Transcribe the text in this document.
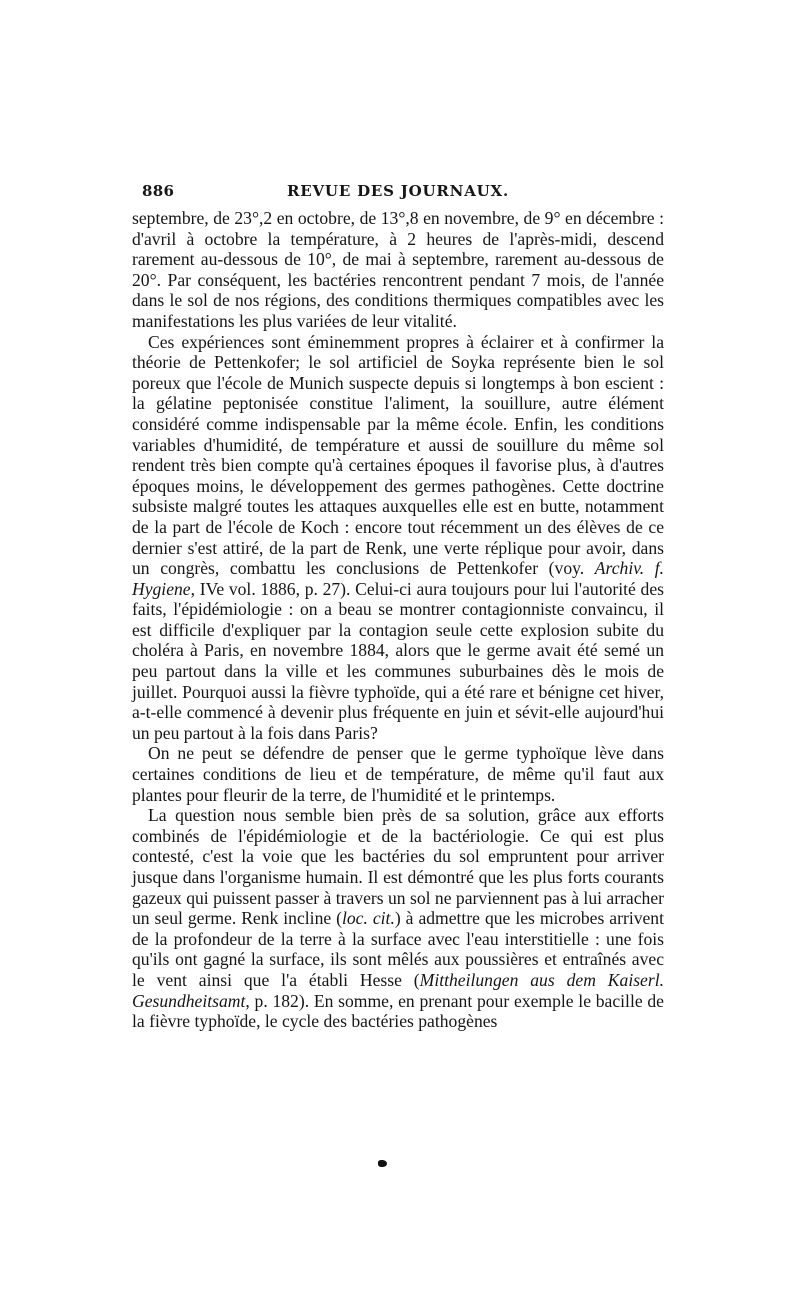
886	REVUE DES JOURNAUX.

septembre, de 23°,2 en octobre, de 13°,8 en novembre, de 9° en décembre : d'avril à octobre la température, à 2 heures de l'après-midi, descend rarement au-dessous de 10°, de mai à septembre, rarement au-dessous de 20°. Par conséquent, les bactéries rencontrent pendant 7 mois, de l'année dans le sol de nos régions, des conditions thermiques compatibles avec les manifestations les plus variées de leur vitalité.

Ces expériences sont éminemment propres à éclairer et à confirmer la théorie de Pettenkofer; le sol artificiel de Soyka représente bien le sol poreux que l'école de Munich suspecte depuis si longtemps à bon escient : la gélatine peptonisée constitue l'aliment, la souillure, autre élément considéré comme indispensable par la même école. Enfin, les conditions variables d'humidité, de température et aussi de souillure du même sol rendent très bien compte qu'à certaines époques il favorise plus, à d'autres époques moins, le développement des germes pathogènes. Cette doctrine subsiste malgré toutes les attaques auxquelles elle est en butte, notamment de la part de l'école de Koch : encore tout récemment un des élèves de ce dernier s'est attiré, de la part de Renk, une verte réplique pour avoir, dans un congrès, combattu les conclusions de Pettenkofer (voy. Archiv. f. Hygiene, IVe vol. 1886, p. 27). Celui-ci aura toujours pour lui l'autorité des faits, l'épidémiologie : on a beau se montrer contagionniste convaincu, il est difficile d'expliquer par la contagion seule cette explosion subite du choléra à Paris, en novembre 1884, alors que le germe avait été semé un peu partout dans la ville et les communes suburbaines dès le mois de juillet. Pourquoi aussi la fièvre typhoïde, qui a été rare et bénigne cet hiver, a-t-elle commencé à devenir plus fréquente en juin et sévit-elle aujourd'hui un peu partout à la fois dans Paris?

On ne peut se défendre de penser que le germe typhoïque lève dans certaines conditions de lieu et de température, de même qu'il faut aux plantes pour fleurir de la terre, de l'humidité et le printemps.

La question nous semble bien près de sa solution, grâce aux efforts combinés de l'épidémiologie et de la bactériologie. Ce qui est plus contesté, c'est la voie que les bactéries du sol empruntent pour arriver jusque dans l'organisme humain. Il est démontré que les plus forts courants gazeux qui puissent passer à travers un sol ne parviennent pas à lui arracher un seul germe. Renk incline (loc. cit.) à admettre que les microbes arrivent de la profondeur de la terre à la surface avec l'eau interstitielle : une fois qu'ils ont gagné la surface, ils sont mêlés aux poussières et entraînés avec le vent ainsi que l'a établi Hesse (Mittheilungen aus dem Kaiserl. Gesundheitsamt, p. 182). En somme, en prenant pour exemple le bacille de la fièvre typhoïde, le cycle des bactéries pathogènes
